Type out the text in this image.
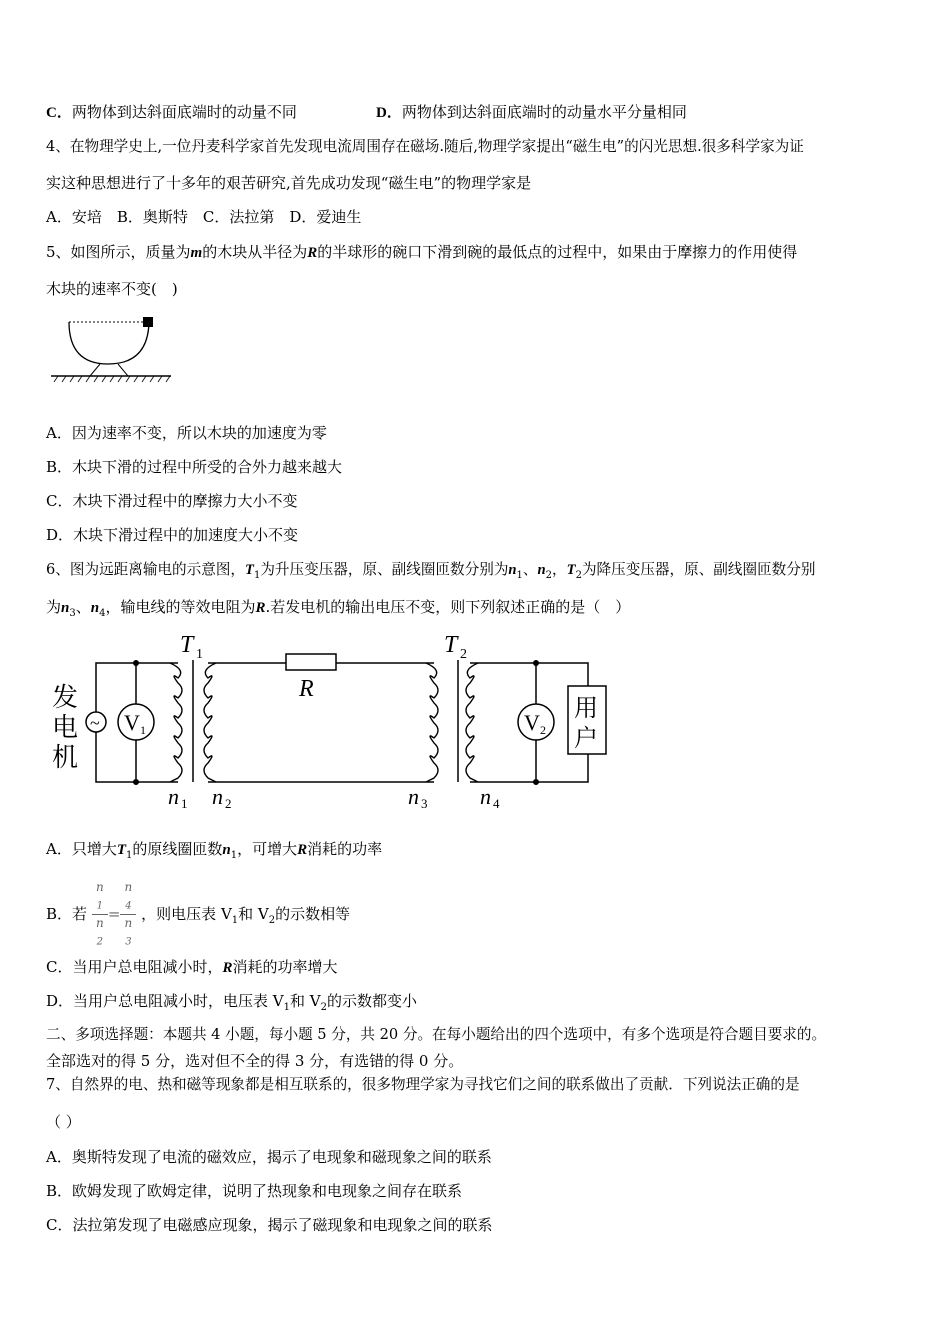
C．两物体到达斜面底端时的动量不同	D．两物体到达斜面底端时的动量水平分量相同
4、在物理学史上,一位丹麦科学家首先发现电流周围存在磁场.随后,物理学家提出“磁生电”的闪光思想.很多科学家为证
实这种思想进行了十多年的艰苦研究,首先成功发现“磁生电”的物理学家是
A．安培　B．奥斯特　C．法拉第　D．爱迪生
5、如图所示，质量为m的木块从半径为R的半球形的碗口下滑到碗的最低点的过程中，如果由于摩擦力的作用使得
木块的速率不变(　)
A．因为速率不变，所以木块的加速度为零
B．木块下滑的过程中所受的合外力越来越大
C．木块下滑过程中的摩擦力大小不变
D．木块下滑过程中的加速度大小不变
6、图为远距离输电的示意图，$T_1$为升压变压器，原、副线圈匝数分别为$n_1$、$n_2$，$T_2$为降压变压器，原、副线圈匝数分别
为$n_3$、$n_4$，输电线的等效电阻为R.若发电机的输出电压不变，则下列叙述正确的是（　）
发
电
机
~ V 1
R
V 2
用
户
T 1	T 2
n 1 n 2	n 3 n 4
A．只增大$T_1$的原线圈匝数$n_1$，可增大R消耗的功率
B．若 n
$_1$
n
$_2$ = n
$_4$
n
$_3$ ，则电压表 $V_1$和 $V_2$的示数相等
C．当用户总电阻减小时，R消耗的功率增大
D．当用户总电阻减小时，电压表 $V_1$和 $V_2$的示数都变小
二、多项选择题：本题共 4 小题，每小题 5 分，共 20 分。在每小题给出的四个选项中，有多个选项是符合题目要求的。
全部选对的得 5 分，选对但不全的得 3 分，有选错的得 0 分。
7、自然界的电、热和磁等现象都是相互联系的，很多物理学家为寻找它们之间的联系做出了贡献．下列说法正确的是
（ ）
A．奥斯特发现了电流的磁效应，揭示了电现象和磁现象之间的联系
B．欧姆发现了欧姆定律，说明了热现象和电现象之间存在联系
C．法拉第发现了电磁感应现象，揭示了磁现象和电现象之间的联系
